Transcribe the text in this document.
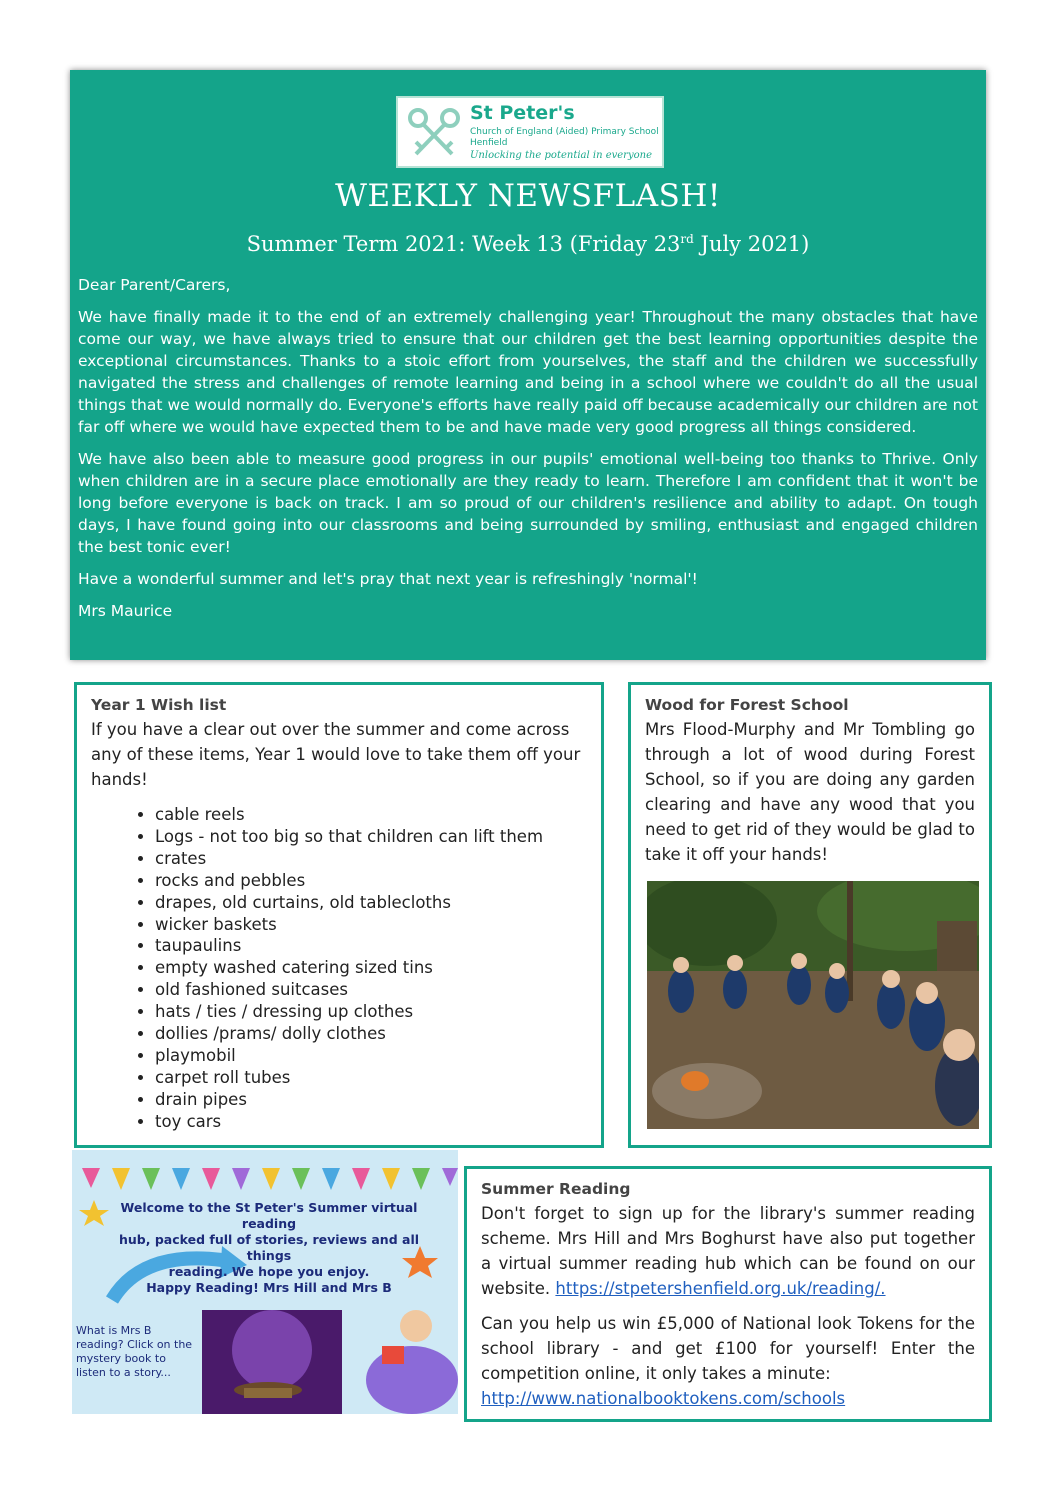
St Peter's
Church of England (Aided) Primary School
Henfield
Unlocking the potential in everyone
WEEKLY NEWSFLASH!
Summer Term 2021: Week 13 (Friday 23rd July 2021)

Dear Parent/Carers,

We have finally made it to the end of an extremely challenging year! Throughout the many obstacles that have come our way, we have always tried to ensure that our children get the best learning opportunities despite the exceptional circumstances. Thanks to a stoic effort from yourselves, the staff and the children we successfully navigated the stress and challenges of remote learning and being in a school where we couldn't do all the usual things that we would normally do. Everyone's efforts have really paid off because academically our children are not far off where we would have expected them to be and have made very good progress all things considered.

We have also been able to measure good progress in our pupils' emotional well-being too thanks to Thrive. Only when children are in a secure place emotionally are they ready to learn. Therefore I am confident that it won't be long before everyone is back on track. I am so proud of our children's resilience and ability to adapt. On tough days, I have found going into our classrooms and being surrounded by smiling, enthusiast and engaged children the best tonic ever!

Have a wonderful summer and let's pray that next year is refreshingly 'normal'!

Mrs Maurice

Year 1 Wish list
If you have a clear out over the summer and come across any of these items, Year 1 would love to take them off your hands!
• cable reels
• Logs - not too big so that children can lift them
• crates
• rocks and pebbles
• drapes, old curtains, old tablecloths
• wicker baskets
• taupaulins
• empty washed catering sized tins
• old fashioned suitcases
• hats / ties / dressing up clothes
• dollies /prams/ dolly clothes
• playmobil
• carpet roll tubes
• drain pipes
• toy cars
Wood for Forest School
Mrs Flood-Murphy and Mr Tombling go through a lot of wood during Forest School, so if you are doing any garden clearing and have any wood that you need to get rid of they would be glad to take it off your hands!
Welcome to the St Peter's Summer virtual reading
hub, packed full of stories, reviews and all things
reading. We hope you enjoy.
Happy Reading! Mrs Hill and Mrs B
What is Mrs B
reading? Click on the
mystery book to
listen to a story...
Summer Reading

Don't forget to sign up for the library's summer reading scheme. Mrs Hill and Mrs Boghurst have also put together a virtual summer reading hub which can be found on our website. https://stpetershenfield.org.uk/reading/.

Can you help us win £5,000 of National look Tokens for the school library - and get £100 for yourself! Enter the competition online, it only takes a minute:
http://www.nationalbooktokens.com/schools
